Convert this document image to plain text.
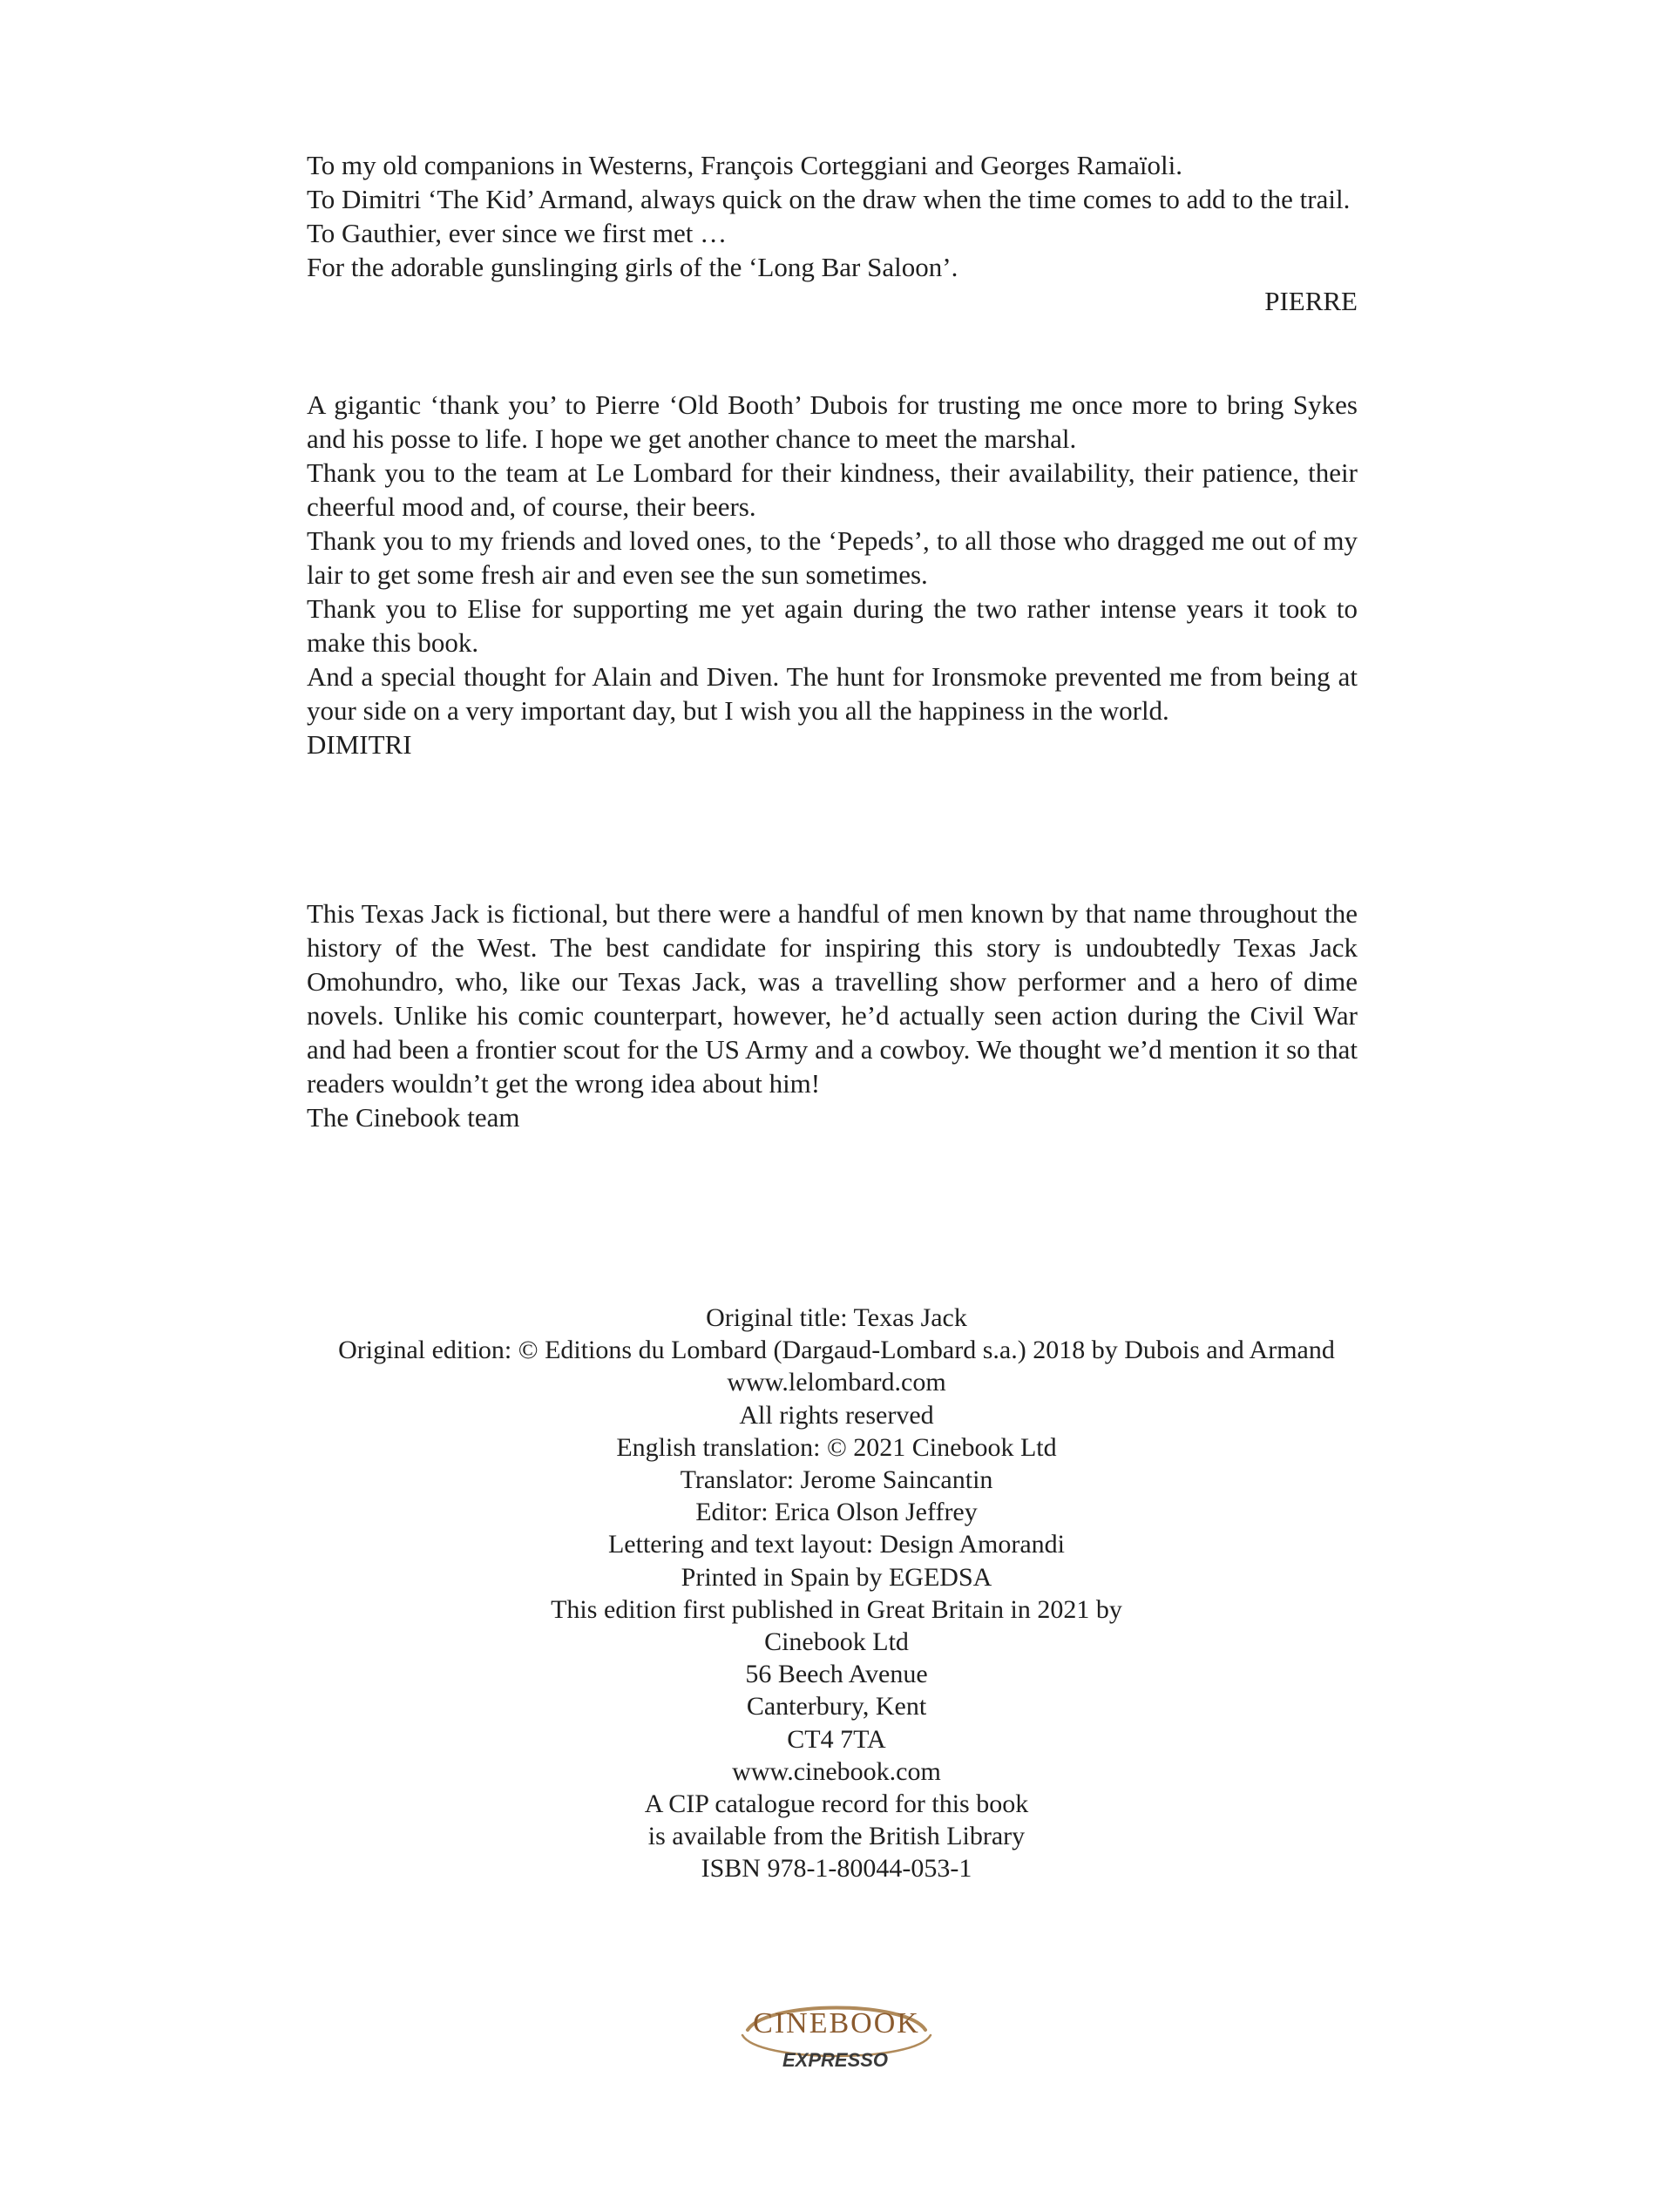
To my old companions in Westerns, François Corteggiani and Georges Ramaïoli.

To Dimitri ‘The Kid’ Armand, always quick on the draw when the time comes to add to the trail.

To Gauthier, ever since we first met …

For the adorable gunslinging girls of the ‘Long Bar Saloon’.

PIERRE

A gigantic ‘thank you’ to Pierre ‘Old Booth’ Dubois for trusting me once more to bring Sykes and his posse to life. I hope we get another chance to meet the marshal.

Thank you to the team at Le Lombard for their kindness, their availability, their patience, their cheerful mood and, of course, their beers.

Thank you to my friends and loved ones, to the ‘Pepeds’, to all those who dragged me out of my lair to get some fresh air and even see the sun sometimes.

Thank you to Elise for supporting me yet again during the two rather intense years it took to make this book.

And a special thought for Alain and Diven. The hunt for Ironsmoke prevented me from being at your side on a very important day, but I wish you all the happiness in the world.

DIMITRI

This Texas Jack is fictional, but there were a handful of men known by that name throughout the history of the West. The best candidate for inspiring this story is undoubtedly Texas Jack Omohundro, who, like our Texas Jack, was a travelling show performer and a hero of dime novels. Unlike his comic counterpart, however, he’d actually seen action during the Civil War and had been a frontier scout for the US Army and a cowboy. We thought we’d mention it so that readers wouldn’t get the wrong idea about him!

The Cinebook team

Original title: Texas Jack
Original edition: © Editions du Lombard (Dargaud-Lombard s.a.) 2018 by Dubois and Armand
www.lelombard.com
All rights reserved
English translation: © 2021 Cinebook Ltd
Translator: Jerome Saincantin
Editor: Erica Olson Jeffrey
Lettering and text layout: Design Amorandi
Printed in Spain by EGEDSA
This edition first published in Great Britain in 2021 by
Cinebook Ltd
56 Beech Avenue
Canterbury, Kent
CT4 7TA
www.cinebook.com
A CIP catalogue record for this book
is available from the British Library
ISBN 978-1-80044-053-1
CINEBOOK
EXPRESSO
